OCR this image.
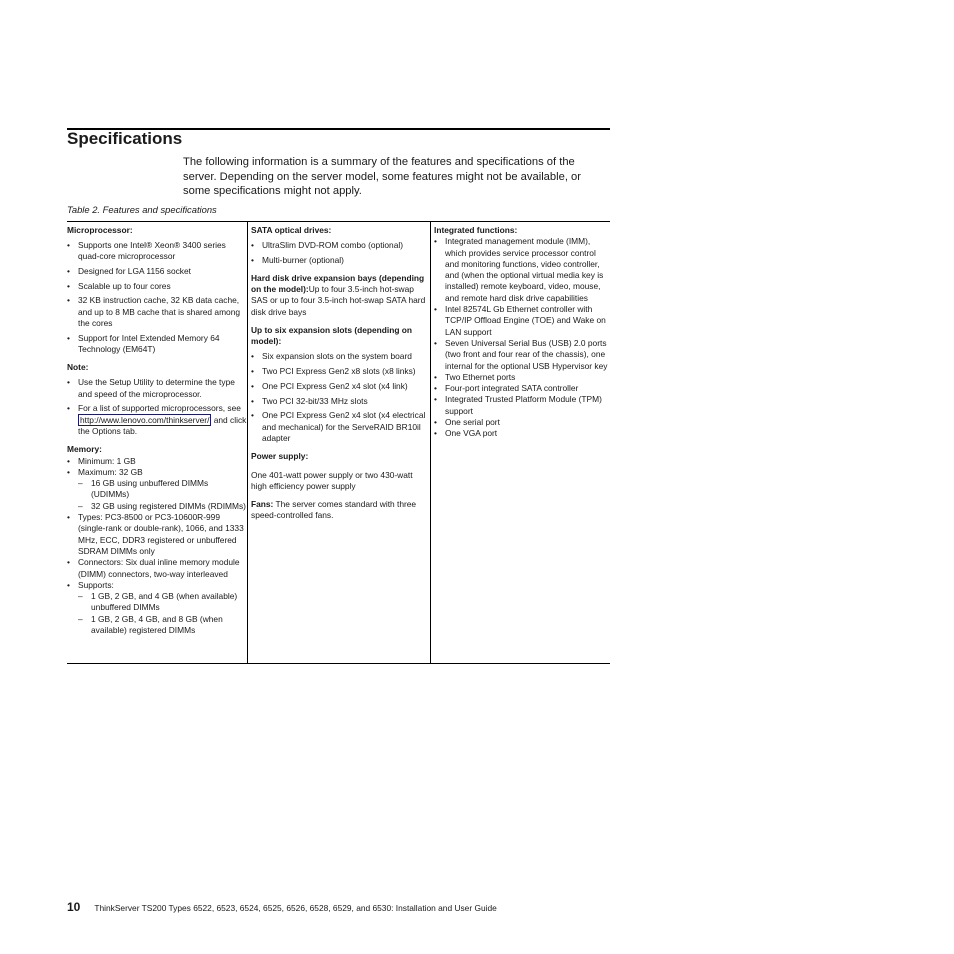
Specifications

The following information is a summary of the features and specifications of the server. Depending on the server model, some features might not be available, or some specifications might not apply.

Table 2. Features and specifications

Microprocessor:

• Supports one Intel® Xeon® 3400 series quad-core microprocessor
• Designed for LGA 1156 socket
• Scalable up to four cores
• 32 KB instruction cache, 32 KB data cache, and up to 8 MB cache that is shared among the cores
• Support for Intel Extended Memory 64 Technology (EM64T)

Note:

• Use the Setup Utility to determine the type and speed of the microprocessor.
• For a list of supported microprocessors, see http://www.lenovo.com/thinkserver/ and click the Options tab.

Memory:

• Minimum: 1 GB
• Maximum: 32 GB
– 16 GB using unbuffered DIMMs (UDIMMs)
– 32 GB using registered DIMMs (RDIMMs)
• Types: PC3-8500 or PC3-10600R-999 (single-rank or double-rank), 1066, and 1333 MHz, ECC, DDR3 registered or unbuffered SDRAM DIMMs only
• Connectors: Six dual inline memory module (DIMM) connectors, two-way interleaved
• Supports:
– 1 GB, 2 GB, and 4 GB (when available) unbuffered DIMMs
– 1 GB, 2 GB, 4 GB, and 8 GB (when available) registered DIMMs

SATA optical drives:

• UltraSlim DVD-ROM combo (optional)
• Multi-burner (optional)

Hard disk drive expansion bays (depending on the model):Up to four 3.5-inch hot-swap SAS or up to four 3.5-inch hot-swap SATA hard disk drive bays

Up to six expansion slots (depending on model):

• Six expansion slots on the system board
• Two PCI Express Gen2 x8 slots (x8 links)
• One PCI Express Gen2 x4 slot (x4 link)
• Two PCI 32-bit/33 MHz slots
• One PCI Express Gen2 x4 slot (x4 electrical and mechanical) for the ServeRAID BR10il adapter

Power supply:

One 401-watt power supply or two 430-watt high efficiency power supply

Fans: The server comes standard with three speed-controlled fans.

Integrated functions:

• Integrated management module (IMM), which provides service processor control and monitoring functions, video controller, and (when the optional virtual media key is installed) remote keyboard, video, mouse, and remote hard disk drive capabilities
• Intel 82574L Gb Ethernet controller with TCP/IP Offload Engine (TOE) and Wake on LAN support
• Seven Universal Serial Bus (USB) 2.0 ports (two front and four rear of the chassis), one internal for the optional USB Hypervisor key
• Two Ethernet ports
• Four-port integrated SATA controller
• Integrated Trusted Platform Module (TPM) support
• One serial port
• One VGA port
10 ThinkServer TS200 Types 6522, 6523, 6524, 6525, 6526, 6528, 6529, and 6530: Installation and User Guide
